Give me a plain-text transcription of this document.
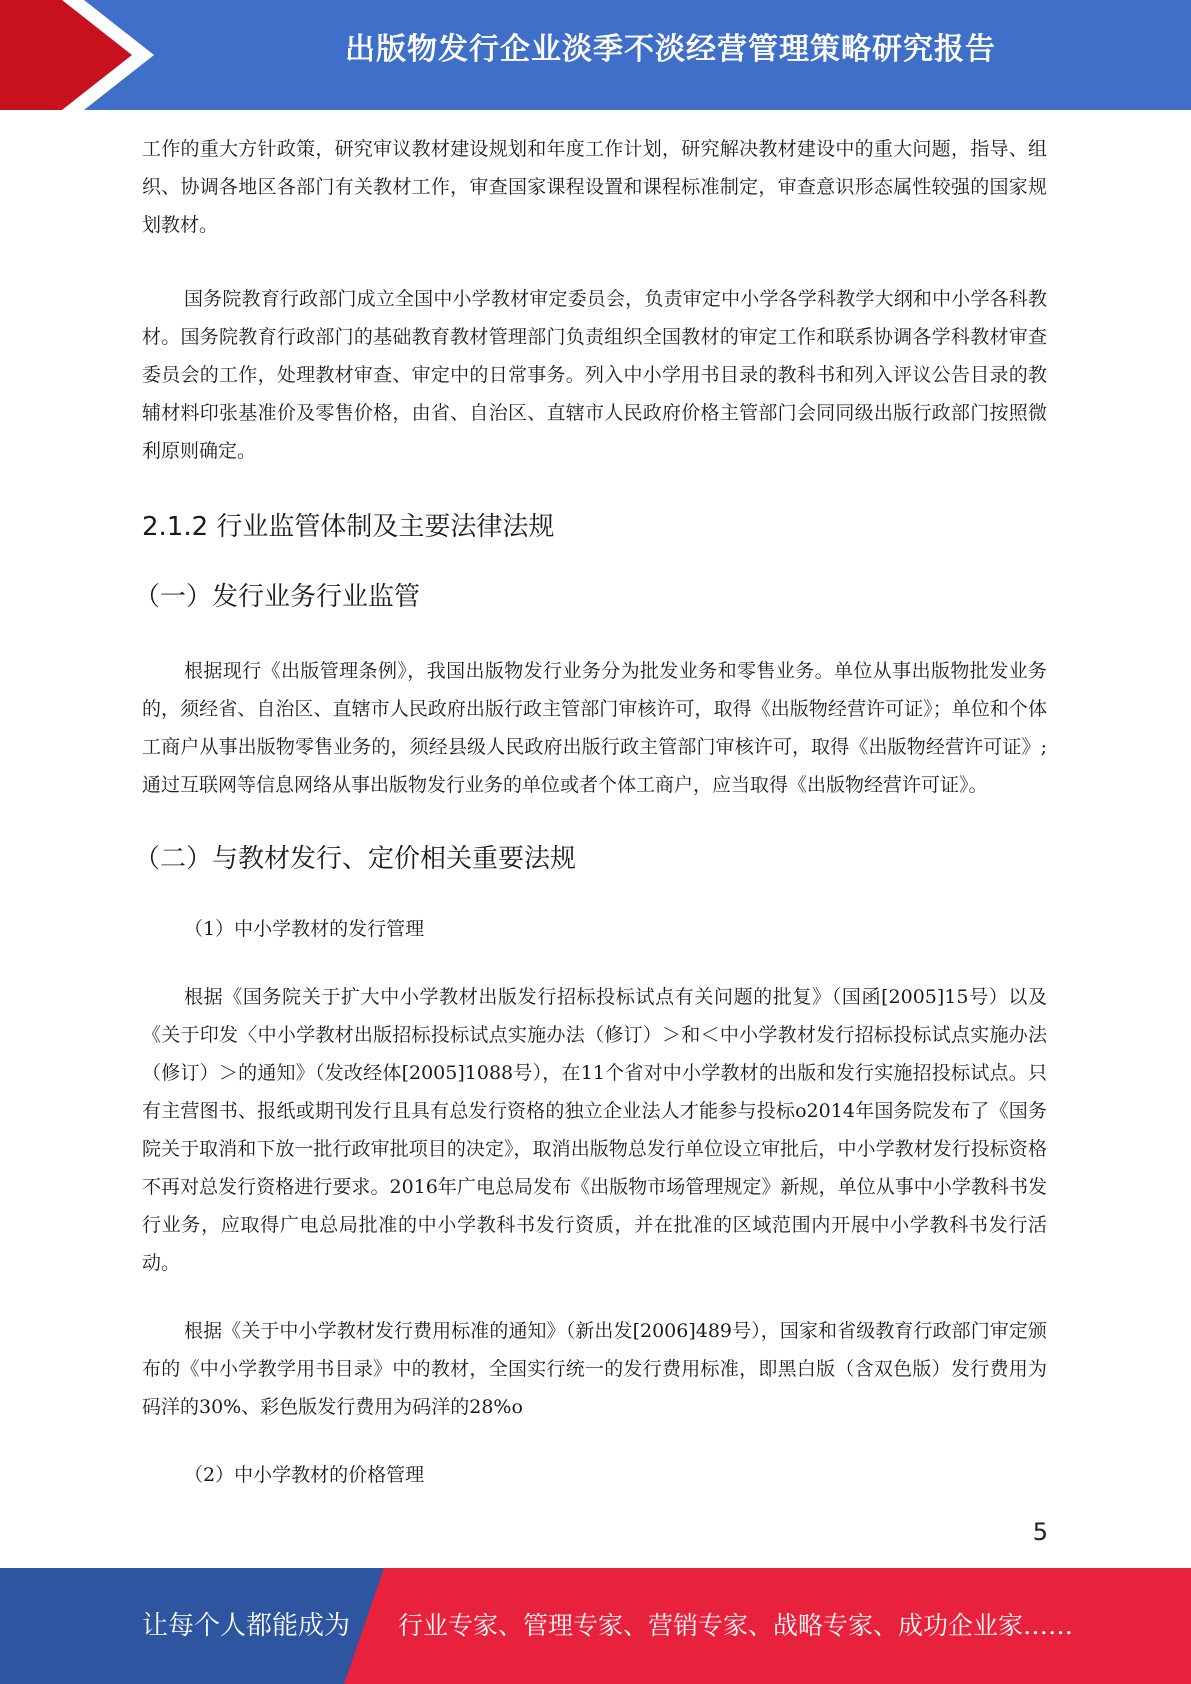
出版物发行企业淡季不淡经营管理策略研究报告

工作的重大方针政策，研究审议教材建设规划和年度工作计划，研究解决教材建设中的重大问题，指导、组织、协调各地区各部门有关教材工作，审查国家课程设置和课程标准制定，审查意识形态属性较强的国家规划教材。

国务院教育行政部门成立全国中小学教材审定委员会，负责审定中小学各学科教学大纲和中小学各科教材。国务院教育行政部门的基础教育教材管理部门负责组织全国教材的审定工作和联系协调各学科教材审查委员会的工作，处理教材审查、审定中的日常事务。列入中小学用书目录的教科书和列入评议公告目录的教辅材料印张基准价及零售价格，由省、自治区、直辖市人民政府价格主管部门会同同级出版行政部门按照微利原则确定。

2.1.2 行业监管体制及主要法律法规
（一）发行业务行业监管

根据现行《出版管理条例》，我国出版物发行业务分为批发业务和零售业务。单位从事出版物批发业务的，须经省、自治区、直辖市人民政府出版行政主管部门审核许可，取得《出版物经营许可证》；单位和个体工商户从事出版物零售业务的，须经县级人民政府出版行政主管部门审核许可，取得《出版物经营许可证》;通过互联网等信息网络从事出版物发行业务的单位或者个体工商户，应当取得《出版物经营许可证》。

（二）与教材发行、定价相关重要法规

（1）中小学教材的发行管理

根据《国务院关于扩大中小学教材出版发行招标投标试点有关问题的批复》（国函[2005]15号）以及《关于印发〈中小学教材出版招标投标试点实施办法（修订）＞和＜中小学教材发行招标投标试点实施办法（修订）＞的通知》（发改经体[2005]1088号），在11个省对中小学教材的出版和发行实施招投标试点。只有主营图书、报纸或期刊发行且具有总发行资格的独立企业法人才能参与投标o2014年国务院发布了《国务院关于取消和下放一批行政审批项目的决定》，取消出版物总发行单位设立审批后，中小学教材发行投标资格不再对总发行资格进行要求。2016年广电总局发布《出版物市场管理规定》新规，单位从事中小学教科书发行业务，应取得广电总局批准的中小学教科书发行资质，并在批准的区域范围内开展中小学教科书发行活动。

根据《关于中小学教材发行费用标准的通知》（新出发[2006]489号），国家和省级教育行政部门审定颁布的《中小学教学用书目录》中的教材，全国实行统一的发行费用标准，即黑白版（含双色版）发行费用为码洋的30%、彩色版发行费用为码洋的28%o

（2）中小学教材的价格管理

5
让每个人都能成为 行业专家、管理专家、营销专家、战略专家、成功企业家……
